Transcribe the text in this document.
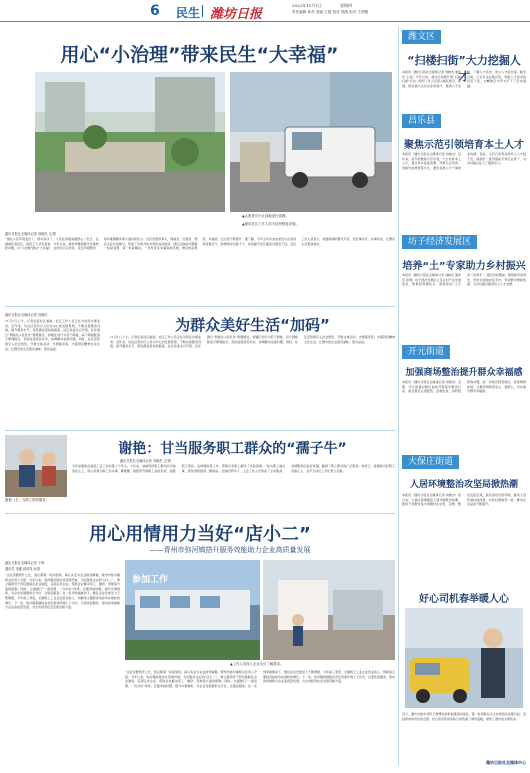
6	民生 潍坊日报
2022年11月1日	星期四
责任编辑 孙杰 美编 王霞 校对 郑鸿 组对 王倩媛
用心“小治理”带来民生“大幸福”
▲志愿者对小区绿地进行清理。
▲潍坊社区工作人员为居民修复设施。
潍坊日报社全媒体记者 刘晓杰 文/图
“现在小区环境变好了，停车有序了，大家住得越来越舒心。”近日，在潍城区某社区，居民王大爷笑着说。今年以来，潍坊市聚焦群众急难愁盼问题，以“小治理”推动“大幸福”，在老旧小区改造、社区环境整治、停车难题解决等方面持续发力。社区党组织牵头，网格员、志愿者、物业企业共同参与，形成了共建共治共享的良好格局。居民反映的问题第一时间受理、第一时间解决，一件件民生实事落地见效，群众的获得感、幸福感、安全感不断提升。据了解，今年全市共完成老旧小区改造项目数百个，新增停车位数千个，改造提升社区服务设施若干处。社区工作人员表示，将继续倾听群众声音，把好事办好、实事办实，让群众生活更加美好。
潍坊日报社全媒体记者 刘晓杰
11月1日上午，记者在某社区看到，社区工作人员正在为居民办理业务。近年来，该社区坚持以人民为中心的发展思想，不断完善服务设施，提升服务水平，居民满意度持续提高。社区党委书记介绍，社区推行“网格化+信息化”管理模式，将辖区划分为若干网格，每个网格配备专职网格员，及时收集居民诉求，协调解决各类问题。同时，社区还积极引入社会组织，开展文体活动、志愿服务等，丰富居民精神文化生活，让群众的生活更有滋味、更有品质。
为群众美好生活“加码”
11月1日上午，记者在某社区看到，社区工作人员正在为居民办理业务。近年来，该社区坚持以人民为中心的发展思想，不断完善服务设施，提升服务水平，居民满意度持续提高。社区党委书记介绍，社区推行“网格化+信息化”管理模式，将辖区划分为若干网格，每个网格配备专职网格员，及时收集居民诉求，协调解决各类问题。同时，社区还积极引入社会组织，开展文体活动、志愿服务等，丰富居民精神文化生活，让群众的生活更有滋味、更有品质。
谢艳（右）为职工提供服务。
谢艳：甘当服务职工群众的“孺子牛”
潍坊日报社全媒体记者 刘晓杰 文/图
今年是谢艳在基层工会工作的第十个年头。十年来，她始终把职工群众的冷暖放在心上，用心用情为职工办实事、解难题。她组织开展职工技能培训、困难职工帮扶、法律援助等工作，帮助许多职工解决了实际困难。“能为职工做点事，我觉得很值得。”谢艳说。在她的带动下，工会工作人员形成了主动服务、热情服务的良好氛围，赢得了职工群众的广泛赞誉。她表示，将继续当好职工的贴心人，在平凡岗位上作出更大贡献。
用心用情用力当好“店小二”
——青州市弥河镇搭升服务效能助力企业高质量发展
潍坊日报社全媒体记者 于海
通讯员 李鑫 蒋成茂 孙国
“企业需要帮什么忙，我们都第一时间到场，真心实意为企业排忧解难。”青州市弥河镇相关负责人介绍。今年以来，弥河镇持续优化营商环境，当好服务企业的“店小二”，建立镇领导干部包靠联系企业制度，定期走访企业，帮助企业解决用工、融资、用地等方面的困难。同时，全面推行“一窗受理、一次办好”改革，压缩审批时限，提升办事效率，为企业发展提供全方位、全链条服务。在一系列举措推动下，辖区企业发展活力不断增强，今年前三季度，全镇规上工业企业营业收入、利税等主要经济指标均实现较快增长。下一步，弥河镇将继续在优化营商环境上下功夫，以更优的服务、更实的举措助力企业高质量发展，为全市经济社会发展贡献力量。
参加工作
▲工作人员深入企业走访了解需求。
“企业需要帮什么忙，我们都第一时间到场，真心实意为企业排忧解难。”青州市弥河镇相关负责人介绍。今年以来，弥河镇持续优化营商环境，当好服务企业的“店小二”，建立镇领导干部包靠联系企业制度，定期走访企业，帮助企业解决用工、融资、用地等方面的困难。同时，全面推行“一窗受理、一次办好”改革，压缩审批时限，提升办事效率，为企业发展提供全方位、全链条服务。在一系列举措推动下，辖区企业发展活力不断增强，今年前三季度，全镇规上工业企业营业收入、利税等主要经济指标均实现较快增长。下一步，弥河镇将继续在优化营商环境上下功夫，以更优的服务、更实的举措助力企业高质量发展，为全市经济社会发展贡献力量。
潍文区
“扫楼扫街”大力挖掘人才
本报讯（潍坊日报社全媒体记者 刘晓杰 通讯员 王丽）今年以来，潍文区积极开展“扫楼扫街”行动，组织工作人员深入辖区楼宇、街道，挨家挨户走访企业和商户，摸清人才底数，了解人才需求，建立人才信息库。截至目前，已走访企业数百家，收集人才需求信息若干条，为精准引才育才打下了坚实基础。
昌乐县
聚焦示范引领培育本土人才
本报讯（潍坊日报社全媒体记者 刘晓杰）近年来，昌乐县聚焦示范引领，大力培育本土人才，通过举办技能竞赛、开展专业培训、选树先进典型等方式，激发各类人才干事创业热情。目前，全县已培育各类本土人才数千名，涌现出一批带富能手和行业骨干，为乡村振兴注入了强劲动力。
坊子经济发展区
培养“土”专家助力乡村振兴
本报讯（潍坊日报社全媒体记者 刘晓杰 通讯员 孙明）坊子经济发展区立足乡村产业发展需求，积极培养懂技术、善经营的“土专家”“田秀才”，通过田间课堂、现场教学等形式，把技术送到农民手中，带动群众增收致富，为乡村振兴提供有力人才支撑。
开元街道
加强商场整治提升群众幸福感
本报讯（潍坊日报社全媒体记者 刘晓杰）近期，开元街道对辖区商场开展集中整治行动，重点整治占道经营、乱堆乱放、消防隐患等问题，进一步规范经营秩序，改善购物环境，让群众购物更安心、更舒心，切实提升群众幸福感。
大保庄街道
人居环境整治攻坚局掀热潮
本报讯（潍坊日报社全媒体记者 刘晓杰）连日来，大保庄街道掀起人居环境整治热潮，组织干部群众集中清理村庄垃圾、杂物，整治乱搭乱建，美化绿化村居环境，推动人居环境持续改善，村容村貌焕然一新，群众生活品质不断提升。
好心司机春举暖人心
近日，潍坊出租车司机王师傅捡到乘客遗落的钱包，第一时间联系失主并将钱包完璧归赵，受到乘客和市民的点赞。好心的司机用实际行动传递了城市温暖，展现了潍坊的文明风采。
潍坊日报社全媒体中心
